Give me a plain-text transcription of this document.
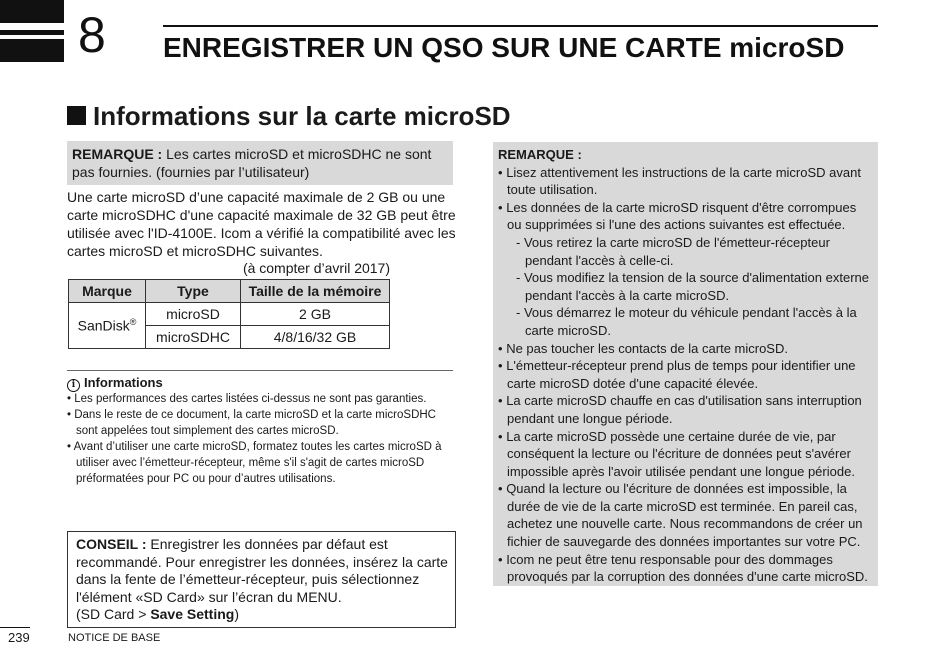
8 ENREGISTRER UN QSO SUR UNE CARTE microSD
Informations sur la carte microSD
REMARQUE : Les cartes microSD et microSDHC ne sont pas fournies. (fournies par l’utilisateur)
Une carte microSD d’une capacité maximale de 2 GB ou une carte microSDHC d'une capacité maximale de 32 GB peut être utilisée avec l'ID-4100E. Icom a vérifié la compatibilité avec les cartes microSD et microSDHC suivantes.
(à compter d’avril 2017)
Marque	Type	Taille de la mémoire
SanDisk®	microSD	2 GB
	microSDHC	4/8/16/32 GB
i Informations
• Les performances des cartes listées ci-dessus ne sont pas garanties.
• Dans le reste de ce document, la carte microSD et la carte microSDHC sont appelées tout simplement des cartes microSD.
• Avant d’utiliser une carte microSD, formatez toutes les cartes microSD à utiliser avec l’émetteur-récepteur, même s'il s'agit de cartes microSD préformatées pour PC ou pour d’autres utilisations.
CONSEIL : Enregistrer les données par défaut est recommandé. Pour enregistrer les données, insérez la carte dans la fente de l’émetteur-récepteur, puis sélectionnez l'élément «SD Card» sur l’écran du MENU.
(SD Card > Save Setting)
REMARQUE :
• Lisez attentivement les instructions de la carte microSD avant toute utilisation.
• Les données de la carte microSD risquent d'être corrompues ou supprimées si l'une des actions suivantes est effectuée.
- Vous retirez la carte microSD de l'émetteur-récepteur pendant l'accès à celle-ci.
- Vous modifiez la tension de la source d'alimentation externe pendant l'accès à la carte microSD.
- Vous démarrez le moteur du véhicule pendant l'accès à la carte microSD.
• Ne pas toucher les contacts de la carte microSD.
• L'émetteur-récepteur prend plus de temps pour identifier une carte microSD dotée d'une capacité élevée.
• La carte microSD chauffe en cas d'utilisation sans interruption pendant une longue période.
• La carte microSD possède une certaine durée de vie, par conséquent la lecture ou l'écriture de données peut s'avérer impossible après l'avoir utilisée pendant une longue période.
• Quand la lecture ou l'écriture de données est impossible, la durée de vie de la carte microSD est terminée. En pareil cas, achetez une nouvelle carte. Nous recommandons de créer un fichier de sauvegarde des données importantes sur votre PC.
• Icom ne peut être tenu responsable pour des dommages provoqués par la corruption des données d'une carte microSD.
239	NOTICE DE BASE
